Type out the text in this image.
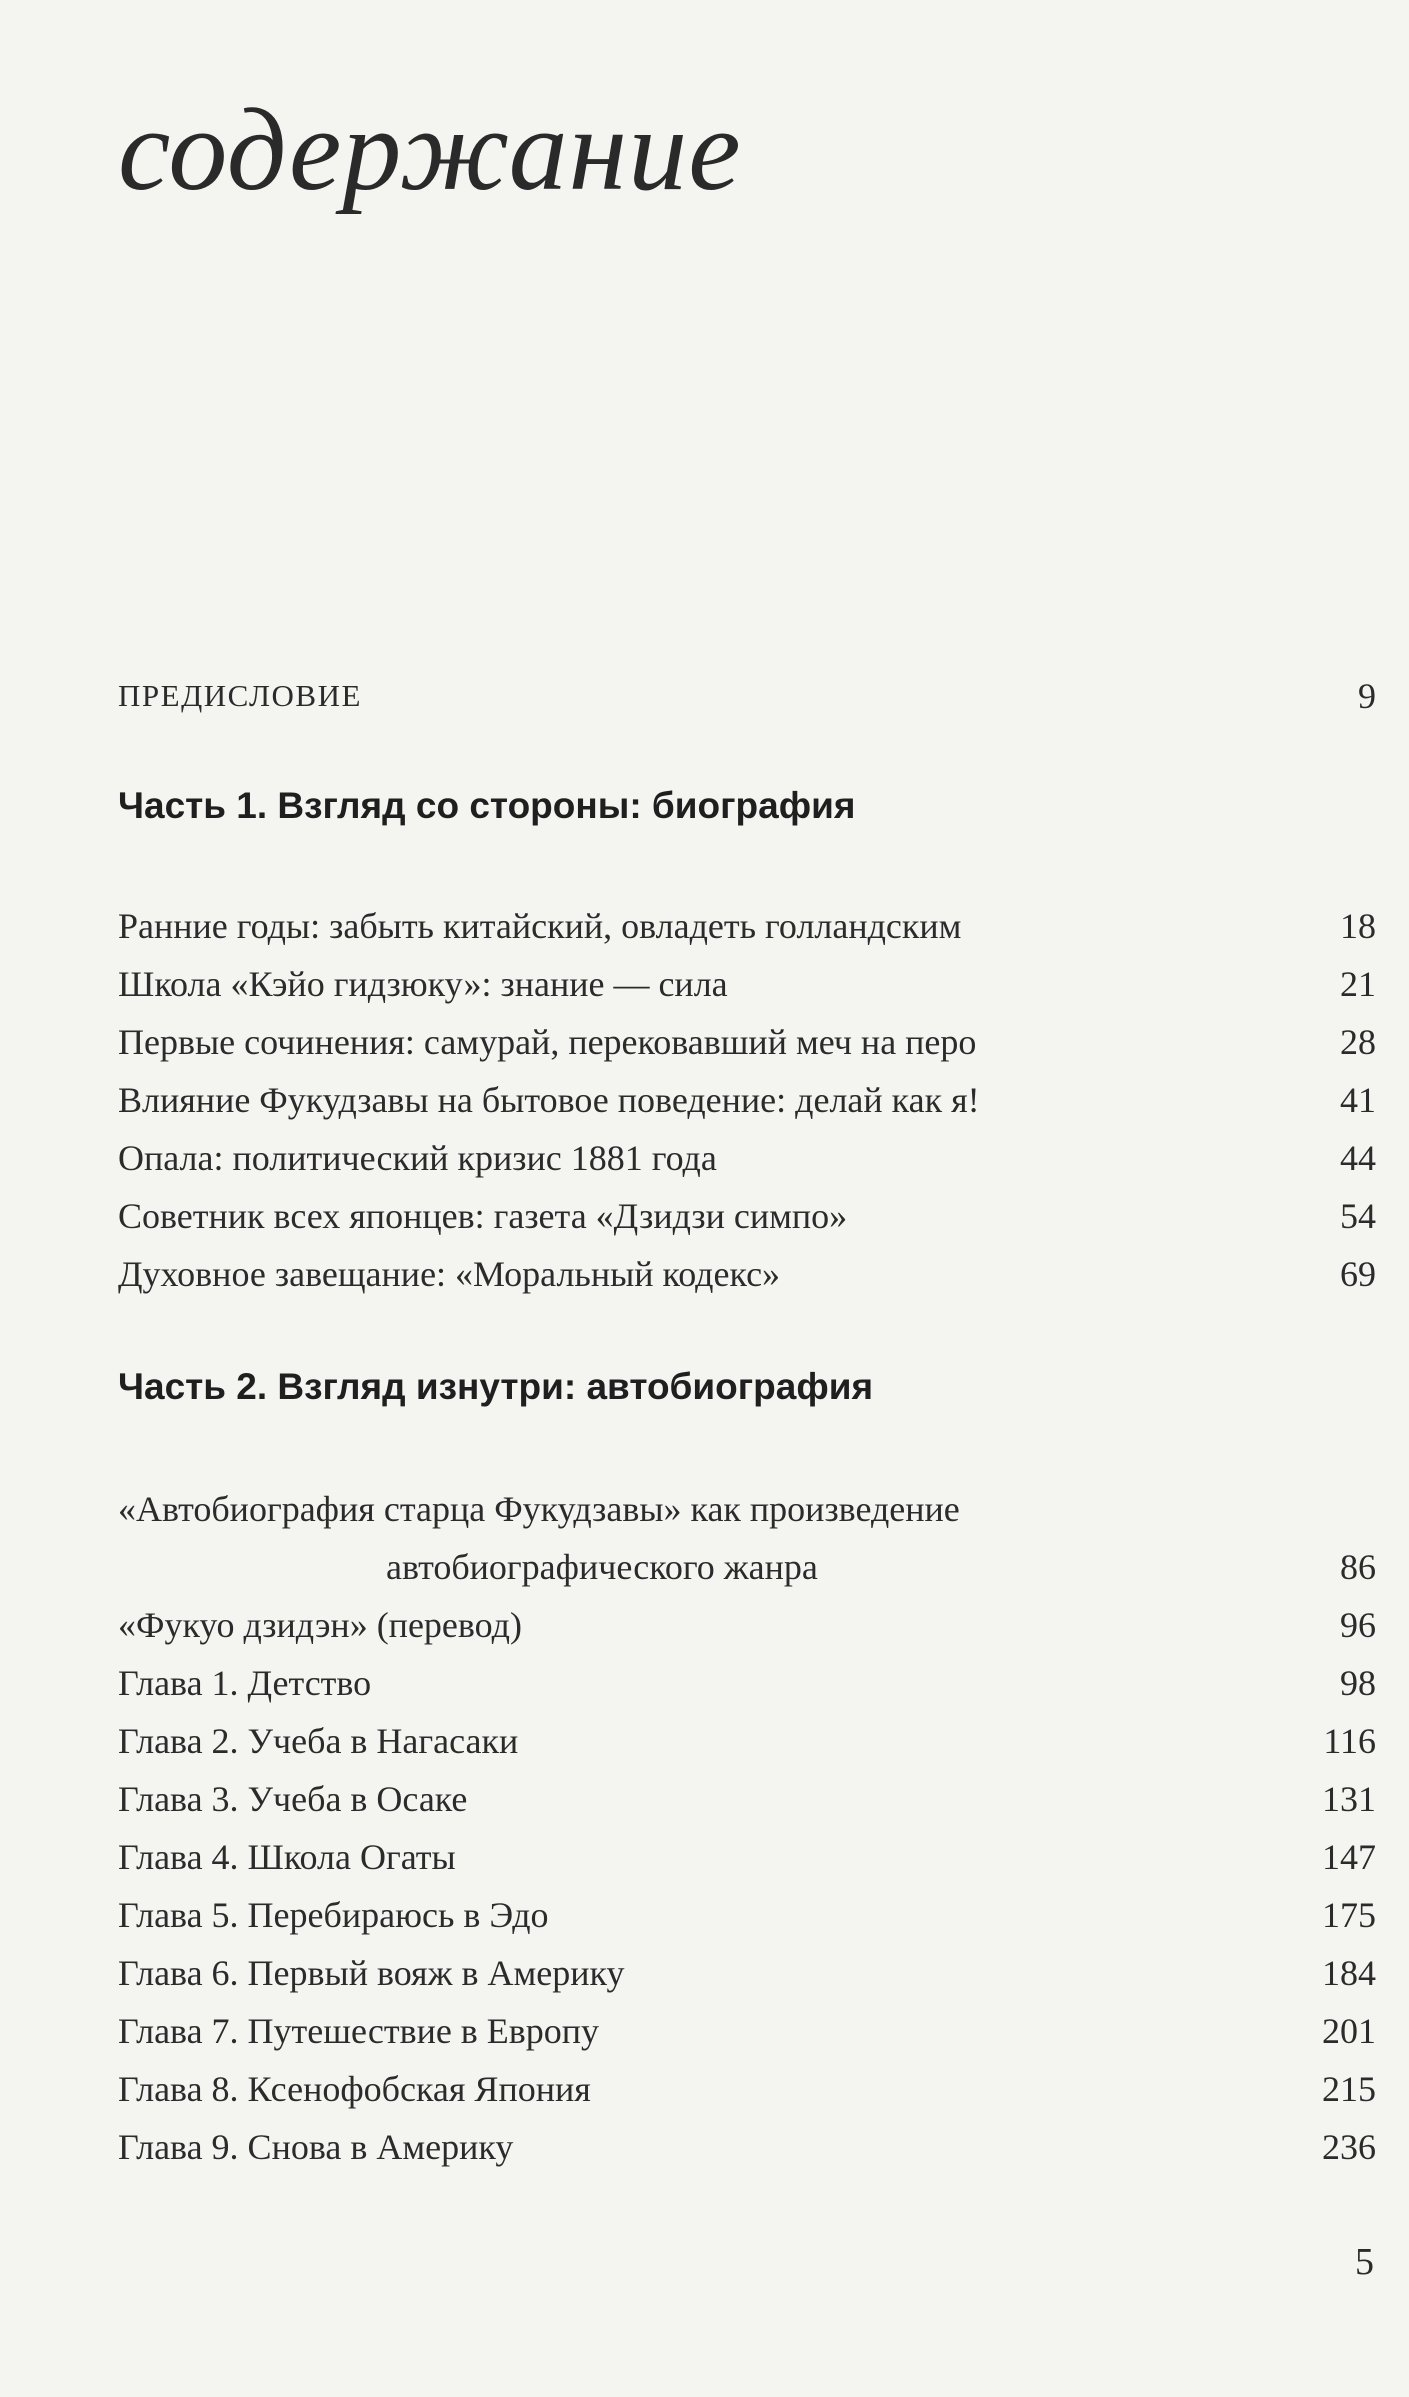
содержание
ПРЕДИСЛОВИЕ	9
Часть 1. Взгляд со стороны: биография
Ранние годы: забыть китайский, овладеть голландским	18
Школа «Кэйо гидзюку»: знание — сила	21
Первые сочинения: самурай, перековавший меч на перо	28
Влияние Фукудзавы на бытовое поведение: делай как я!	41
Опала: политический кризис 1881 года	44
Советник всех японцев: газета «Дзидзи симпо»	54
Духовное завещание: «Моральный кодекс»	69
Часть 2. Взгляд изнутри: автобиография
«Автобиография старца Фукудзавы» как произведение
автобиографического жанра	86
«Фукуо дзидэн» (перевод)	96
Глава 1. Детство	98
Глава 2. Учеба в Нагасаки	116
Глава 3. Учеба в Осаке	131
Глава 4. Школа Огаты	147
Глава 5. Перебираюсь в Эдо	175
Глава 6. Первый вояж в Америку	184
Глава 7. Путешествие в Европу	201
Глава 8. Ксенофобская Япония	215
Глава 9. Снова в Америку	236
5
